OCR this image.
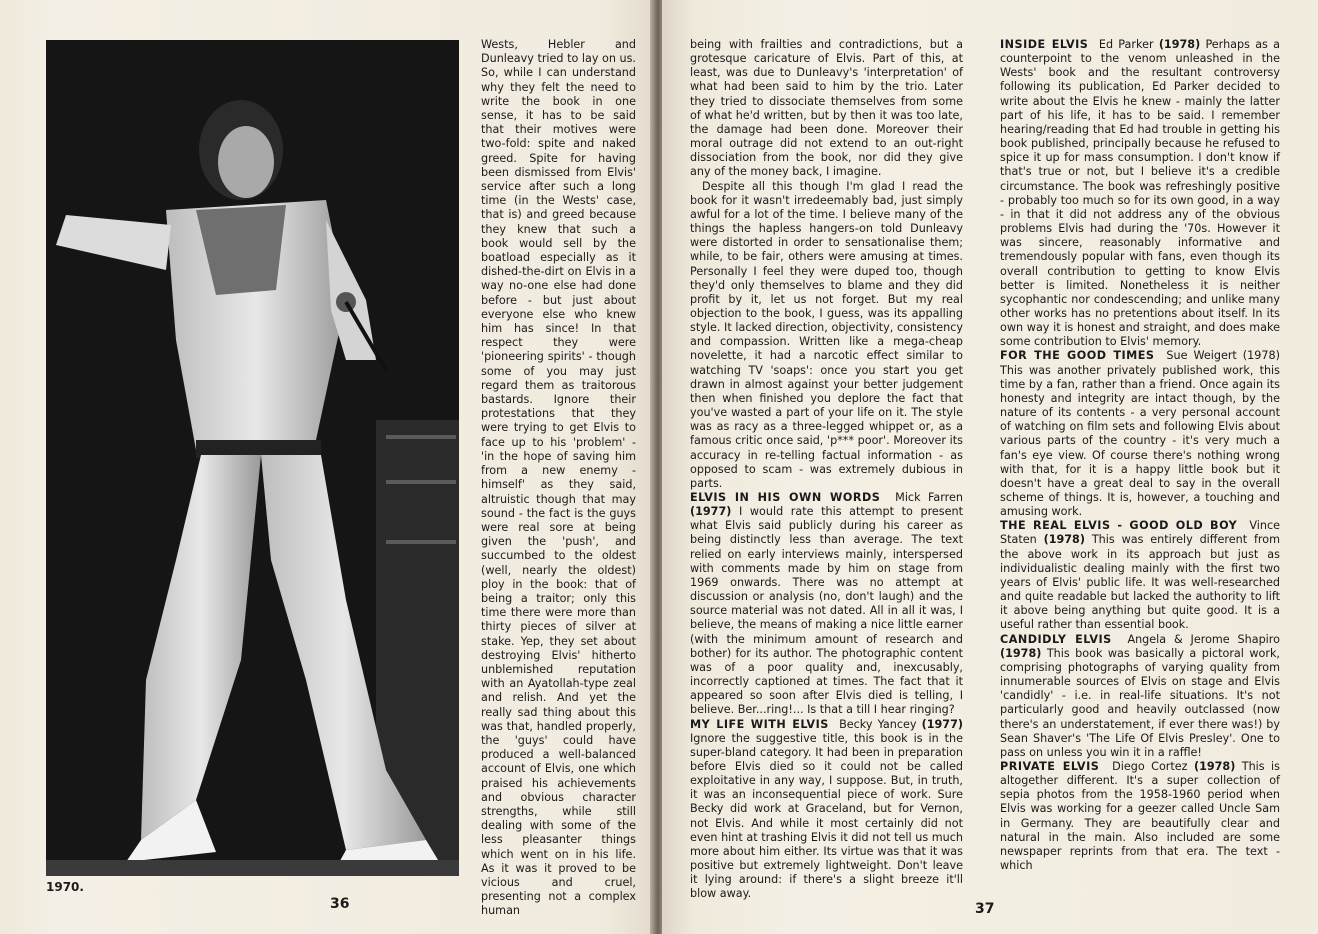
1970.

Wests, Hebler and Dunleavy tried to lay on us. So, while I can understand why they felt the need to write the book in one sense, it has to be said that their motives were two-fold: spite and naked greed. Spite for having been dismissed from Elvis' service after such a long time (in the Wests' case, that is) and greed because they knew that such a book would sell by the boatload especially as it dished-the-dirt on Elvis in a way no-one else had done before - but just about everyone else who knew him has since! In that respect they were 'pioneering spirits' - though some of you may just regard them as traitorous bastards. Ignore their protestations that they were trying to get Elvis to face up to his 'problem' - 'in the hope of saving him from a new enemy - himself' as they said, altruistic though that may sound - the fact is the guys were real sore at being given the 'push', and succumbed to the oldest (well, nearly the oldest) ploy in the book: that of being a traitor; only this time there were more than thirty pieces of silver at stake. Yep, they set about destroying Elvis' hitherto unblemished reputation with an Ayatollah-type zeal and relish. And yet the really sad thing about this was that, handled properly, the 'guys' could have produced a well-balanced account of Elvis, one which praised his achievements and obvious character strengths, while still dealing with some of the less pleasanter things which went on in his life. As it was it proved to be vicious and cruel, presenting not a complex human

36

being with frailties and contradictions, but a grotesque caricature of Elvis. Part of this, at least, was due to Dunleavy's 'interpretation' of what had been said to him by the trio. Later they tried to dissociate themselves from some of what he'd written, but by then it was too late, the damage had been done. Moreover their moral outrage did not extend to an out-right dissociation from the book, nor did they give any of the money back, I imagine.

Despite all this though I'm glad I read the book for it wasn't irredeemably bad, just simply awful for a lot of the time. I believe many of the things the hapless hangers-on told Dunleavy were distorted in order to sensationalise them; while, to be fair, others were amusing at times. Personally I feel they were duped too, though they'd only themselves to blame and they did profit by it, let us not forget. But my real objection to the book, I guess, was its appalling style. It lacked direction, objectivity, consistency and compassion. Written like a mega-cheap novelette, it had a narcotic effect similar to watching TV 'soaps': once you start you get drawn in almost against your better judgement then when finished you deplore the fact that you've wasted a part of your life on it. The style was as racy as a three-legged whippet or, as a famous critic once said, 'p*** poor'. Moreover its accuracy in re-telling factual information - as opposed to scam - was extremely dubious in parts.

ELVIS IN HIS OWN WORDS Mick Farren (1977) I would rate this attempt to present what Elvis said publicly during his career as being distinctly less than average. The text relied on early interviews mainly, interspersed with comments made by him on stage from 1969 onwards. There was no attempt at discussion or analysis (no, don't laugh) and the source material was not dated. All in all it was, I believe, the means of making a nice little earner (with the minimum amount of research and bother) for its author. The photographic content was of a poor quality and, inexcusably, incorrectly captioned at times. The fact that it appeared so soon after Elvis died is telling, I believe. Ber...ring!... Is that a till I hear ringing?

MY LIFE WITH ELVIS Becky Yancey (1977) Ignore the suggestive title, this book is in the super-bland category. It had been in preparation before Elvis died so it could not be called exploitative in any way, I suppose. But, in truth, it was an inconsequential piece of work. Sure Becky did work at Graceland, but for Vernon, not Elvis. And while it most certainly did not even hint at trashing Elvis it did not tell us much more about him either. Its virtue was that it was positive but extremely lightweight. Don't leave it lying around: if there's a slight breeze it'll blow away.

INSIDE ELVIS Ed Parker (1978) Perhaps as a counterpoint to the venom unleashed in the Wests' book and the resultant controversy following its publication, Ed Parker decided to write about the Elvis he knew - mainly the latter part of his life, it has to be said. I remember hearing/reading that Ed had trouble in getting his book published, principally because he refused to spice it up for mass consumption. I don't know if that's true or not, but I believe it's a credible circumstance. The book was refreshingly positive - probably too much so for its own good, in a way - in that it did not address any of the obvious problems Elvis had during the '70s. However it was sincere, reasonably informative and tremendously popular with fans, even though its overall contribution to getting to know Elvis better is limited. Nonetheless it is neither sycophantic nor condescending; and unlike many other works has no pretentions about itself. In its own way it is honest and straight, and does make some contribution to Elvis' memory.

FOR THE GOOD TIMES Sue Weigert (1978) This was another privately published work, this time by a fan, rather than a friend. Once again its honesty and integrity are intact though, by the nature of its contents - a very personal account of watching on film sets and following Elvis about various parts of the country - it's very much a fan's eye view. Of course there's nothing wrong with that, for it is a happy little book but it doesn't have a great deal to say in the overall scheme of things. It is, however, a touching and amusing work.

THE REAL ELVIS - GOOD OLD BOY Vince Staten (1978) This was entirely different from the above work in its approach but just as individualistic dealing mainly with the first two years of Elvis' public life. It was well-researched and quite readable but lacked the authority to lift it above being anything but quite good. It is a useful rather than essential book.

CANDIDLY ELVIS Angela & Jerome Shapiro (1978) This book was basically a pictoral work, comprising photographs of varying quality from innumerable sources of Elvis on stage and Elvis 'candidly' - i.e. in real-life situations. It's not particularly good and heavily outclassed (now there's an understatement, if ever there was!) by Sean Shaver's 'The Life Of Elvis Presley'. One to pass on unless you win it in a raffle!

PRIVATE ELVIS Diego Cortez (1978) This is altogether different. It's a super collection of sepia photos from the 1958-1960 period when Elvis was working for a geezer called Uncle Sam in Germany. They are beautifully clear and natural in the main. Also included are some newspaper reprints from that era. The text - which

37
